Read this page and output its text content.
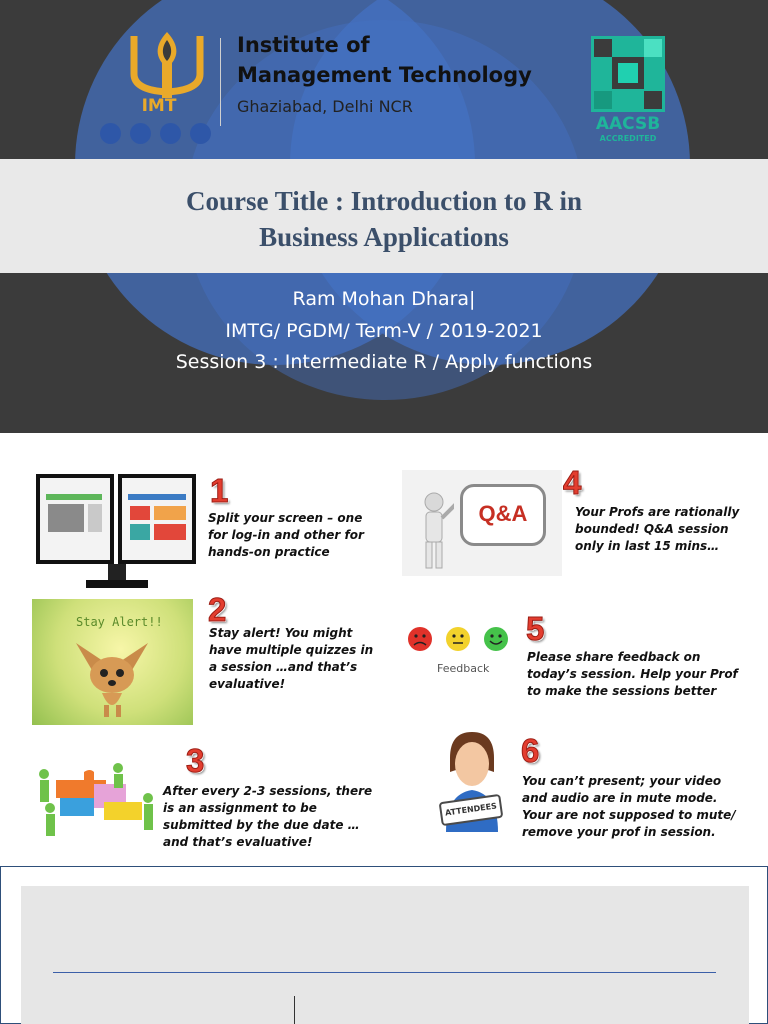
IMT
Institute of
Management Technology
Ghaziabad, Delhi NCR
AACSB
ACCREDITED
Course Title : Introduction to R in
Business Applications
Ram Mohan Dhara|
IMTG/ PGDM/ Term-V / 2019-2021
Session 3 : Intermediate R / Apply functions
1
Split your screen – one for log-in and other for hands-on practice
Stay Alert!! 2
Stay alert! You might have multiple quizzes in a session …and that’s evaluative!
3
After every 2-3 sessions, there is an assignment to be submitted by the due date …and that’s evaluative!
Q&A
4
Your Profs are rationally bounded! Q&A session only in last 15 mins…
Feedback
5
Please share feedback on today’s session. Help your Prof to make the sessions better
ATTENDEES
6
You can’t present; your video and audio are in mute mode. Your are not supposed to mute/ remove your prof in session.
